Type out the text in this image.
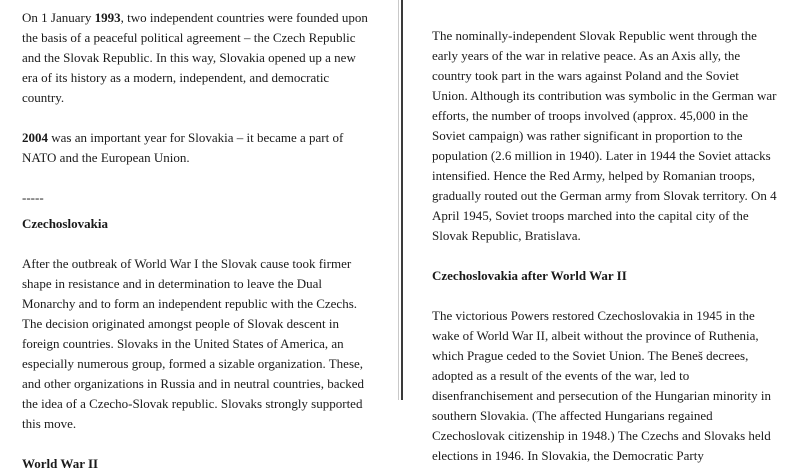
On 1 January 1993, two independent countries were founded upon the basis of a peaceful political agreement – the Czech Republic and the Slovak Republic. In this way, Slovakia opened up a new era of its history as a modern, independent, and democratic country.

2004 was an important year for Slovakia – it became a part of NATO and the European Union.

-----

Czechoslovakia

After the outbreak of World War I the Slovak cause took firmer shape in resistance and in determination to leave the Dual Monarchy and to form an independent republic with the Czechs. The decision originated amongst people of Slovak descent in foreign countries. Slovaks in the United States of America, an especially numerous group, formed a sizable organization. These, and other organizations in Russia and in neutral countries, backed the idea of a Czecho-Slovak republic. Slovaks strongly supported this move.

World War II

The nominally-independent Slovak Republic went through the early years of the war in relative peace. As an Axis ally, the country took part in the wars against Poland and the Soviet Union. Although its contribution was symbolic in the German war efforts, the number of troops involved (approx. 45,000 in the Soviet campaign) was rather significant in proportion to the population (2.6 million in 1940). Later in 1944 the Soviet attacks intensified. Hence the Red Army, helped by Romanian troops, gradually routed out the German army from Slovak territory. On 4 April 1945, Soviet troops marched into the capital city of the Slovak Republic, Bratislava.

Czechoslovakia after World War II

The victorious Powers restored Czechoslovakia in 1945 in the wake of World War II, albeit without the province of Ruthenia, which Prague ceded to the Soviet Union. The Beneš decrees, adopted as a result of the events of the war, led to disenfranchisement and persecution of the Hungarian minority in southern Slovakia. (The affected Hungarians regained Czechoslovak citizenship in 1948.) The Czechs and Slovaks held elections in 1946. In Slovakia, the Democratic Party
